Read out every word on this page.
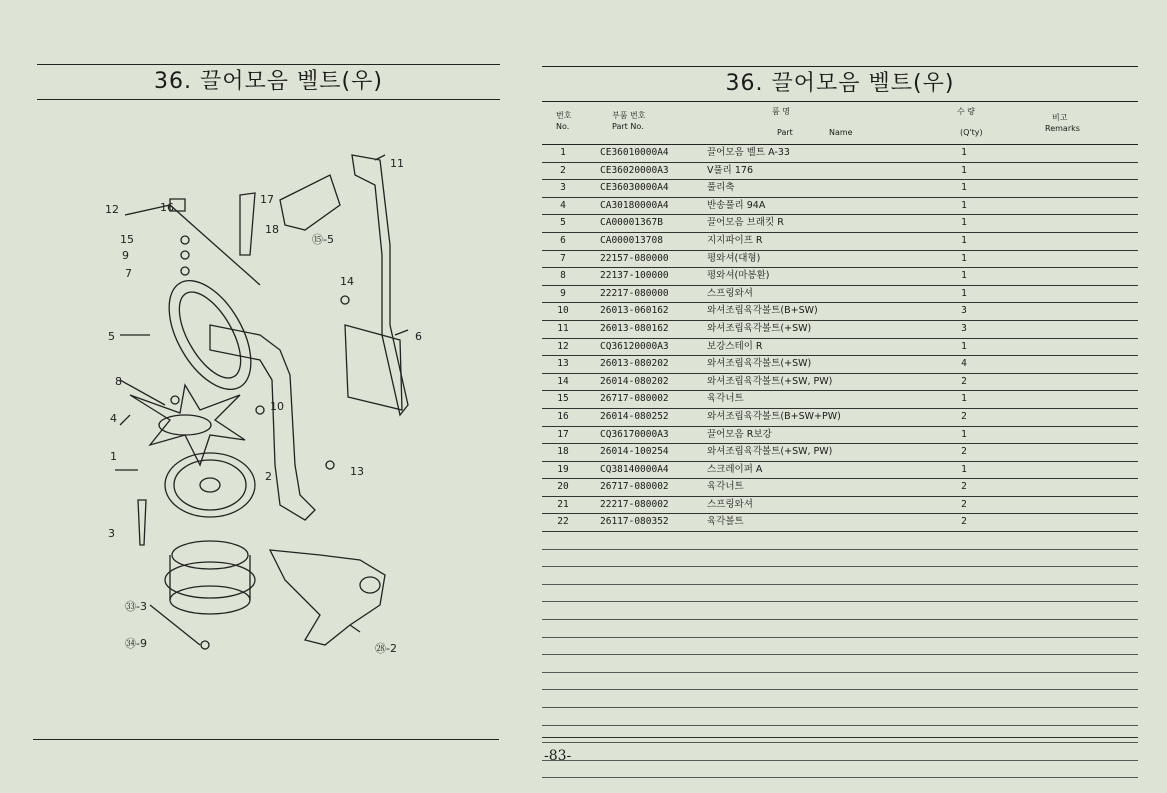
36. 끌어모음 벨트(우)
11
12	16
17
18
15
9
7
5
14
6
8
10
4
1
2	13
3
⑮-5
㉝-3
㉞-9	㉘-2
36. 끌어모음 벨트(우)
번호
No.
부품 번호
Part No.
품 명
Part	Name
수 량
(Q'ty)
비고
Remarks
1	CE36010000A4	끌어모음 벨트 A-33	1
2	CE36020000A3	V풀리 176	1
3	CE36030000A4	풀리축	1
4	CA30180000A4	반송풀리 94A	1
5	CA00001367B	끌어모음 브래킷 R	1
6	CA000013708	지지파이프 R	1
7	22157-080000	평와셔(대형)	1
8	22137-100000	평와셔(마봉환)	1
9	22217-080000	스프링와셔	1
10	26013-060162	와셔조립육각볼트(B+SW)	3
11	26013-080162	와셔조립육각볼트(+SW)	3
12	CQ36120000A3	보강스테이 R	1
13	26013-080202	와셔조립육각볼트(+SW)	4
14	26014-080202	와셔조립육각볼트(+SW, PW)	2
15	26717-080002	육각너트	1
16	26014-080252	와셔조립육각볼트(B+SW+PW)	2
17	CQ36170000A3	끌어모음 R보강	1
18	26014-100254	와셔조립육각볼트(+SW, PW)	2
19	CQ38140000A4	스크레이퍼 A	1
20	26717-080002	육각너트	2
21	22217-080002	스프링와셔	2
22	26117-080352	육각볼트	2
-83-
